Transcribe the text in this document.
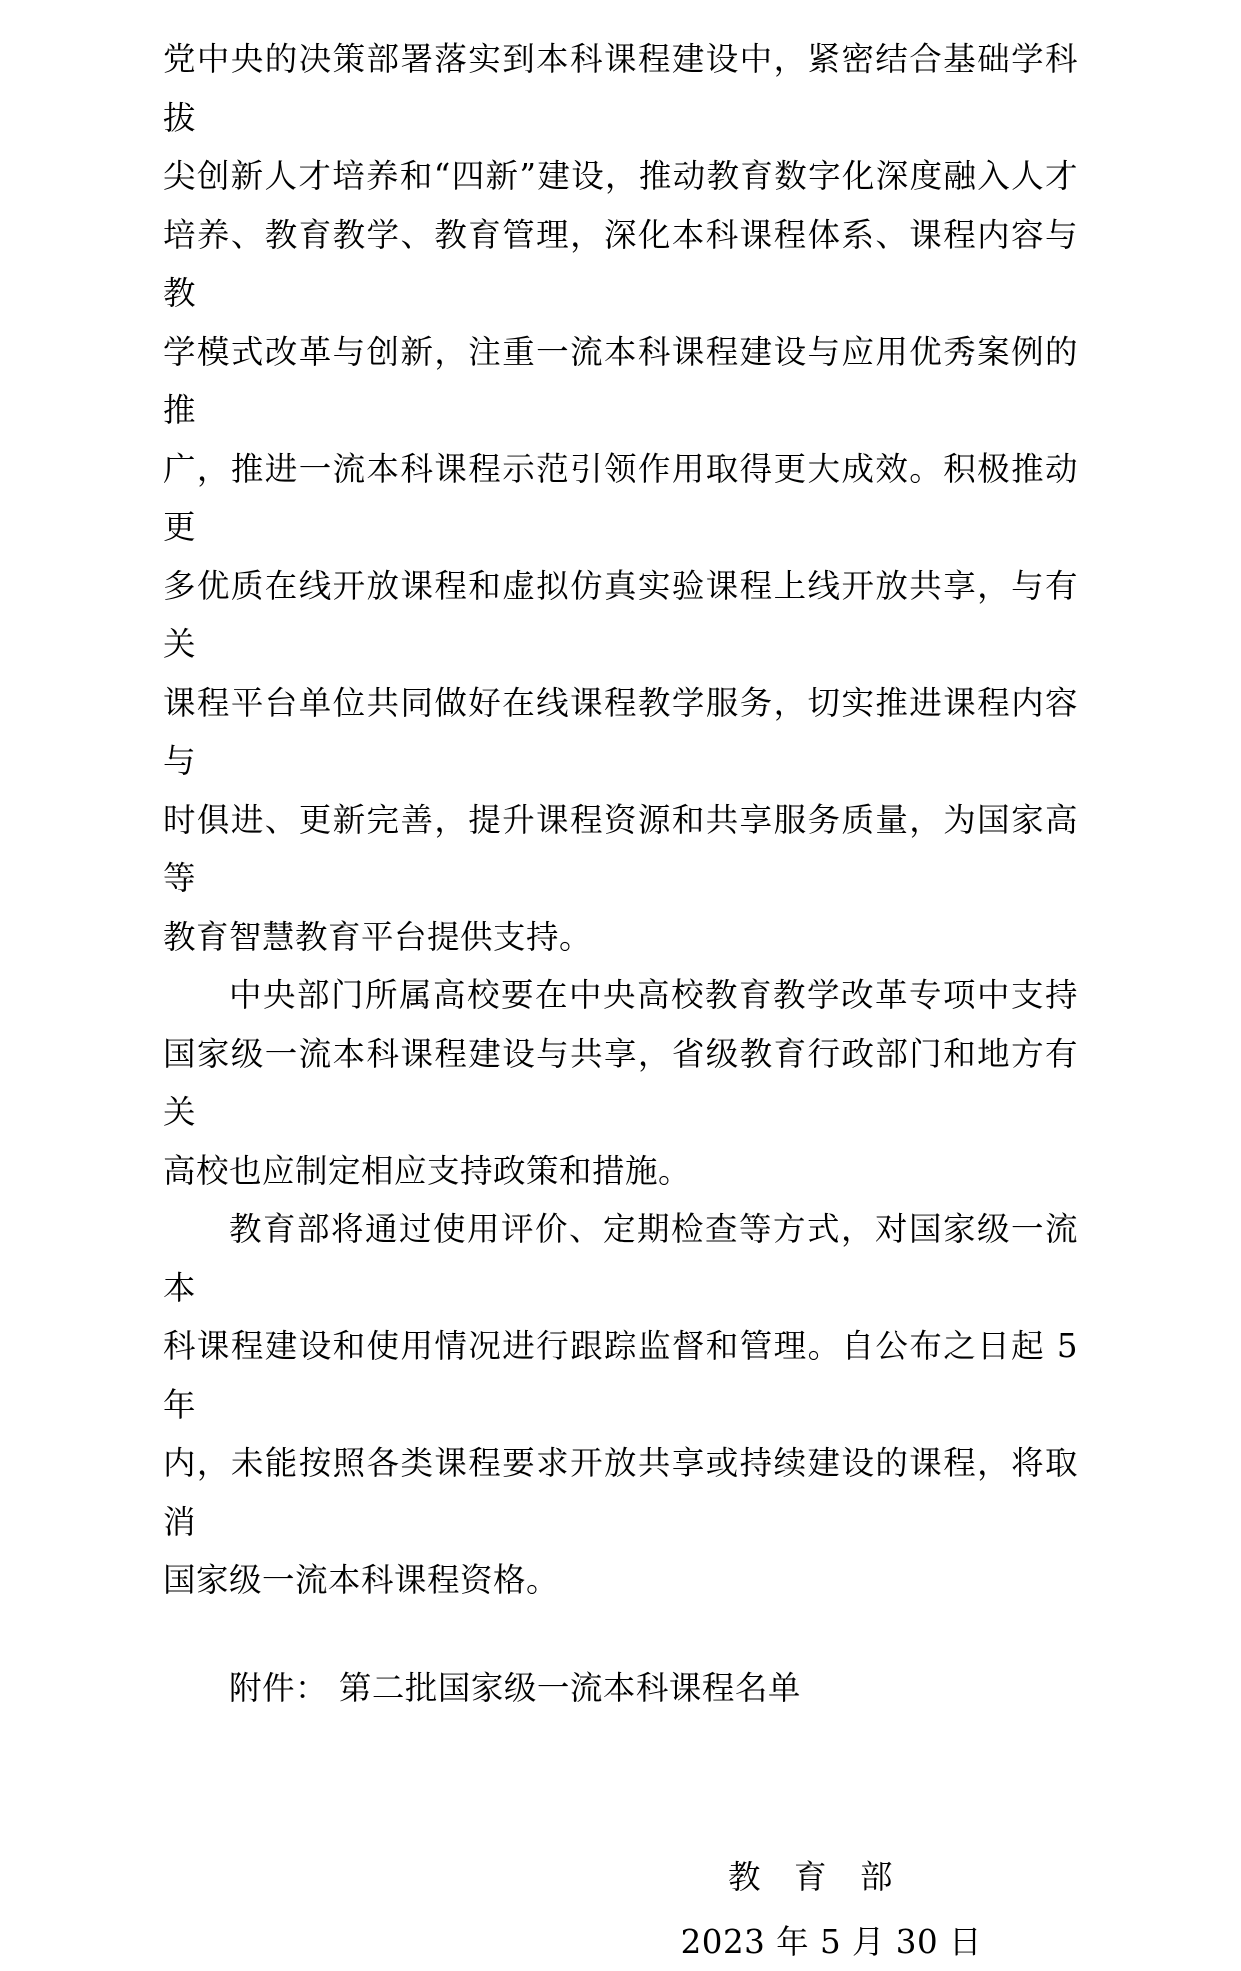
党中央的决策部署落实到本科课程建设中，紧密结合基础学科拔
尖创新人才培养和“四新”建设，推动教育数字化深度融入人才
培养、教育教学、教育管理，深化本科课程体系、课程内容与教
学模式改革与创新，注重一流本科课程建设与应用优秀案例的推
广，推进一流本科课程示范引领作用取得更大成效。积极推动更
多优质在线开放课程和虚拟仿真实验课程上线开放共享，与有关
课程平台单位共同做好在线课程教学服务，切实推进课程内容与
时俱进、更新完善，提升课程资源和共享服务质量，为国家高等
教育智慧教育平台提供支持。
中央部门所属高校要在中央高校教育教学改革专项中支持
国家级一流本科课程建设与共享，省级教育行政部门和地方有关
高校也应制定相应支持政策和措施。
教育部将通过使用评价、定期检查等方式，对国家级一流本
科课程建设和使用情况进行跟踪监督和管理。自公布之日起 5 年
内，未能按照各类课程要求开放共享或持续建设的课程，将取消
国家级一流本科课程资格。
附件： 第二批国家级一流本科课程名单
教　育　部
2023 年 5 月 30 日
